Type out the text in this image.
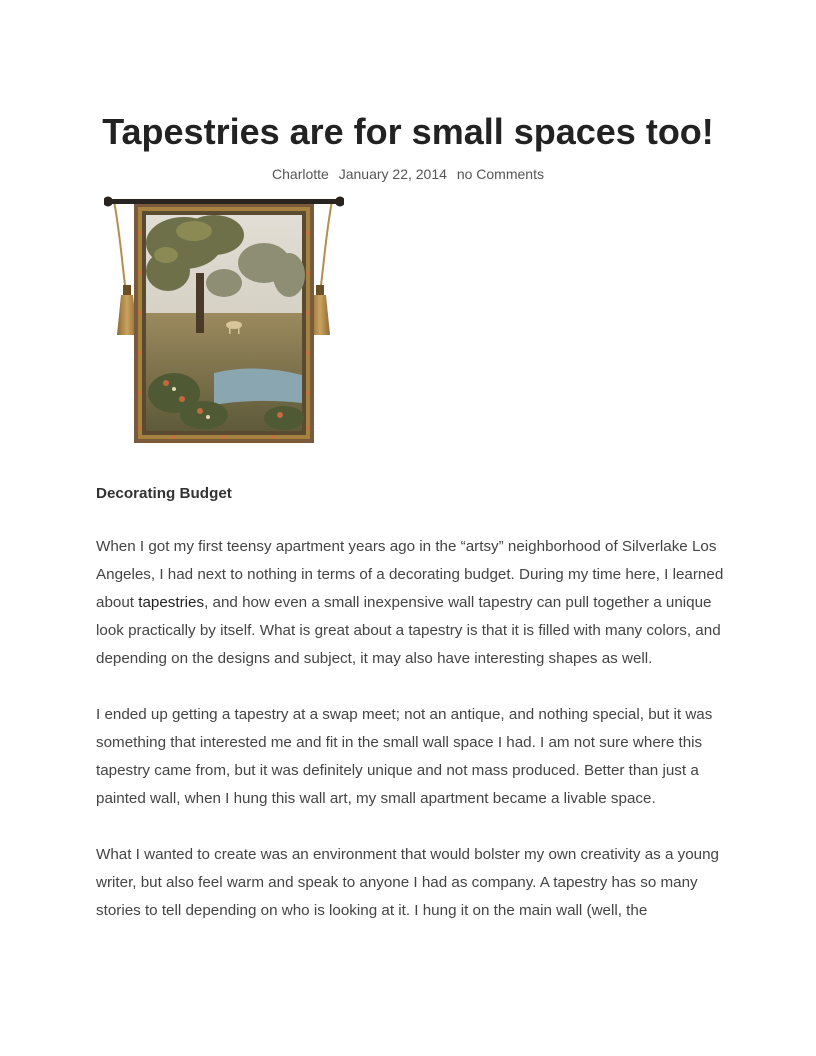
Tapestries are for small spaces too!
Charlotte January 22, 2014 no Comments
Decorating Budget

When I got my first teensy apartment years ago in the “artsy” neighborhood of Silverlake Los Angeles, I had next to nothing in terms of a decorating budget. During my time here, I learned about tapestries, and how even a small inexpensive wall tapestry can pull together a unique look practically by itself. What is great about a tapestry is that it is filled with many colors, and depending on the designs and subject, it may also have interesting shapes as well.

I ended up getting a tapestry at a swap meet; not an antique, and nothing special, but it was something that interested me and fit in the small wall space I had. I am not sure where this tapestry came from, but it was definitely unique and not mass produced. Better than just a painted wall, when I hung this wall art, my small apartment became a livable space.

What I wanted to create was an environment that would bolster my own creativity as a young writer, but also feel warm and speak to anyone I had as company. A tapestry has so many stories to tell depending on who is looking at it. I hung it on the main wall (well, the
